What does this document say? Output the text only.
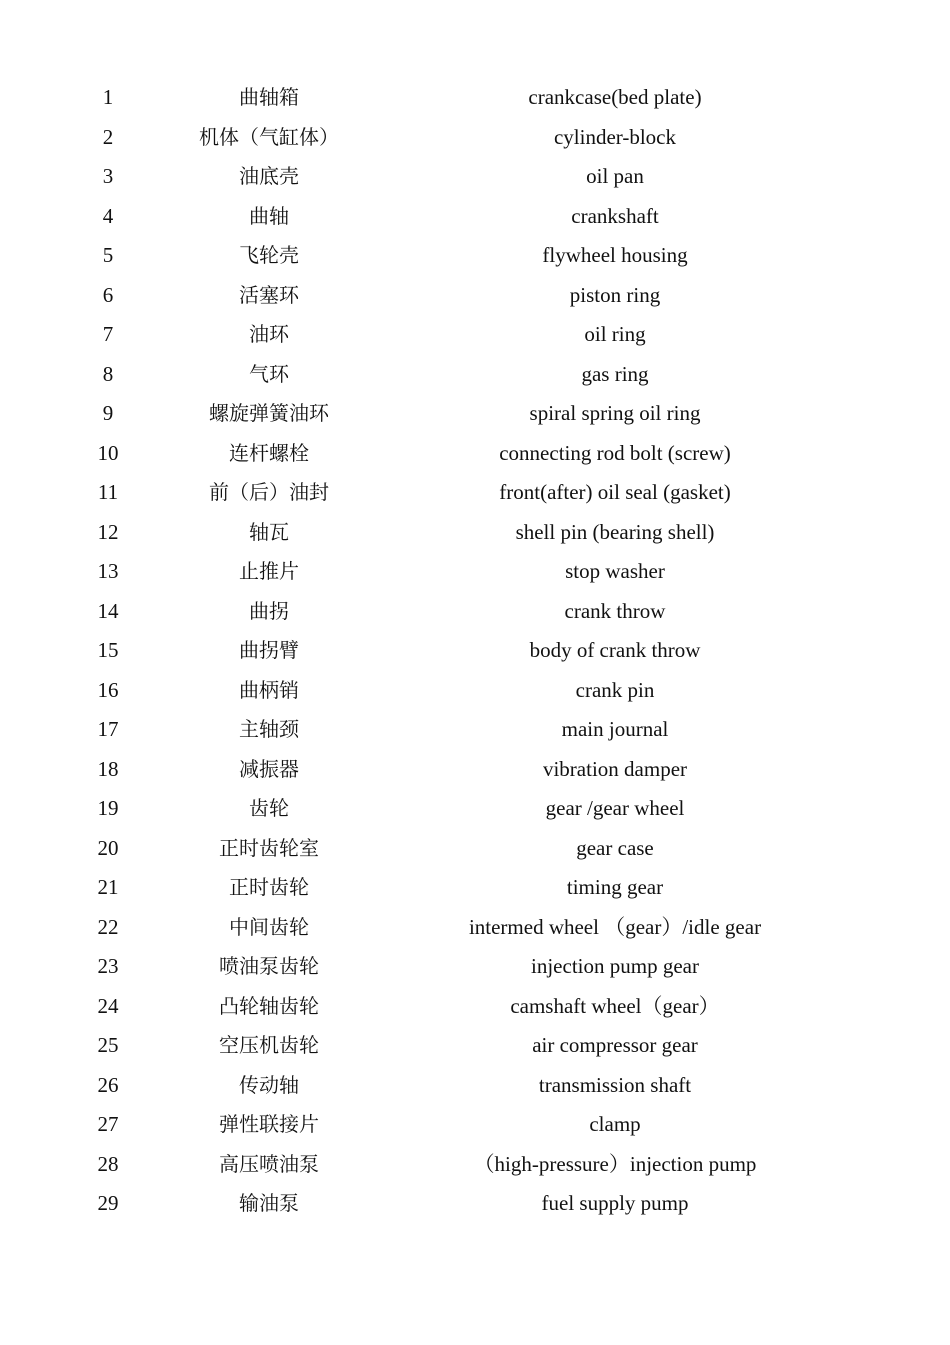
1	曲轴箱	crankcase(bed plate)
2	机体（气缸体）	cylinder-block
3	油底壳	oil pan
4	曲轴	crankshaft
5	飞轮壳	flywheel housing
6	活塞环	piston ring
7	油环	oil ring
8	气环	gas ring
9	螺旋弹簧油环	spiral spring oil ring
10	连杆螺栓	connecting rod bolt (screw)
11	前（后）油封	front(after) oil seal (gasket)
12	轴瓦	shell pin (bearing shell)
13	止推片	stop washer
14	曲拐	crank throw
15	曲拐臂	body of crank throw
16	曲柄销	crank pin
17	主轴颈	main journal
18	减振器	vibration damper
19	齿轮	gear /gear wheel
20	正时齿轮室	gear case
21	正时齿轮	timing gear
22	中间齿轮	intermed wheel （gear）/idle gear
23	喷油泵齿轮	injection pump gear
24	凸轮轴齿轮	camshaft wheel（gear）
25	空压机齿轮	air compressor gear
26	传动轴	transmission shaft
27	弹性联接片	clamp
28	高压喷油泵	（high-pressure）injection pump
29	输油泵	fuel supply pump
